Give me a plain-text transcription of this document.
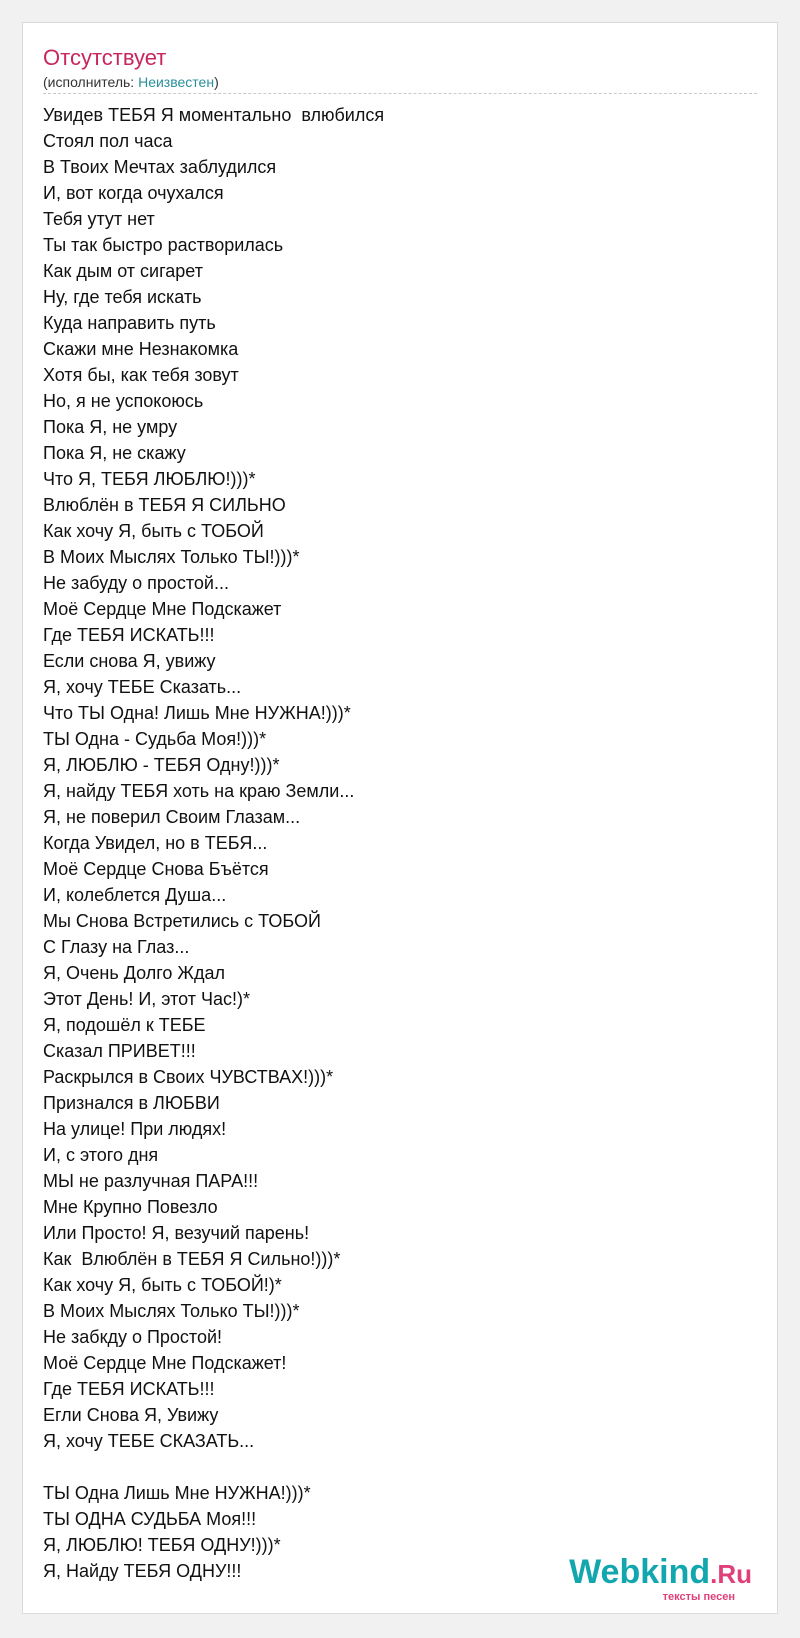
Отсутствует
(исполнитель: Неизвестен)
Увидев ТЕБЯ Я моментально  влюбился
Стоял пол часа
В Твоих Мечтах заблудился
И, вот когда очухался
Тебя утут нет
Ты так быстро растворилась
Как дым от сигарет
Ну, где тебя искать
Куда направить путь
Скажи мне Незнакомка
Хотя бы, как тебя зовут
Но, я не успокоюсь
Пока Я, не умру
Пока Я, не скажу
Что Я, ТЕБЯ ЛЮБЛЮ!)))*
Влюблён в ТЕБЯ Я СИЛЬНО
Как хочу Я, быть с ТОБОЙ
В Моих Мыслях Только ТЫ!)))*
Не забуду о простой...
Моё Сердце Мне Подскажет
Где ТЕБЯ ИСКАТЬ!!!
Если снова Я, увижу
Я, хочу ТЕБЕ Сказать...
Что ТЫ Одна! Лишь Мне НУЖНА!)))*
ТЫ Одна - Судьба Моя!)))*
Я, ЛЮБЛЮ - ТЕБЯ Одну!)))*
Я, найду ТЕБЯ хоть на краю Земли...
Я, не поверил Своим Глазам...
Когда Увидел, но в ТЕБЯ...
Моё Сердце Снова Бъётся
И, колеблется Душа...
Мы Снова Встретились с ТОБОЙ
С Глазу на Глаз...
Я, Очень Долго Ждал
Этот День! И, этот Час!)*
Я, подошёл к ТЕБЕ
Сказал ПРИВЕТ!!!
Раскрылся в Своих ЧУВСТВАХ!)))*
Признался в ЛЮБВИ
На улице! При людях!
И, с этого дня
МЫ не разлучная ПАРА!!!
Мне Крупно Повезло
Или Просто! Я, везучий парень!
Как  Влюблён в ТЕБЯ Я Сильно!)))*
Как хочу Я, быть с ТОБОЙ!)*
В Моих Мыслях Только ТЫ!)))*
Не забкду о Простой!
Моё Сердце Мне Подскажет!
Где ТЕБЯ ИСКАТЬ!!!
Егли Снова Я, Увижу
Я, хочу ТЕБЕ СКАЗАТЬ...
ТЫ Одна Лишь Мне НУЖНА!)))*
ТЫ ОДНА СУДЬБА Моя!!!
Я, ЛЮБЛЮ! ТЕБЯ ОДНУ!)))*
Я, Найду ТЕБЯ ОДНУ!!!	Webkind.Ru
тексты песен
